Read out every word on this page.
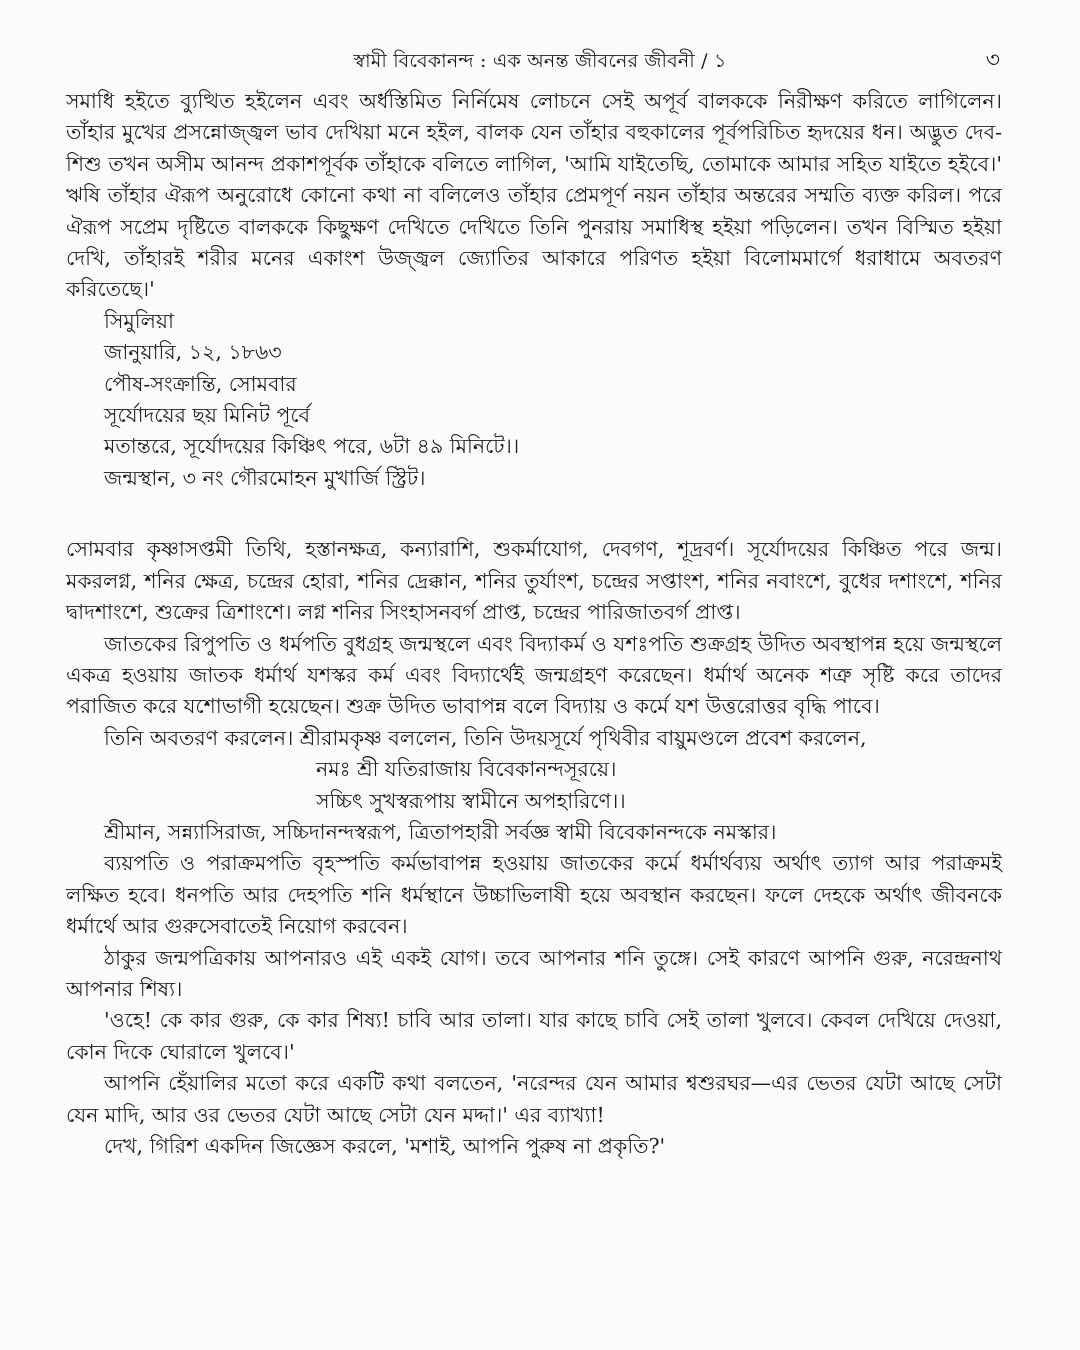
স্বামী বিবেকানন্দ : এক অনন্ত জীবনের জীবনী / ১	৩

সমাধি হইতে ব্যুত্থিত হইলেন এবং অর্ধস্তিমিত নির্নিমেষ লোচনে সেই অপূর্ব বালককে নিরীক্ষণ করিতে লাগিলেন। তাঁহার মুখের প্রসন্নোজ্জ্বল ভাব দেখিয়া মনে হইল, বালক যেন তাঁহার বহুকালের পূর্বপরিচিত হৃদয়ের ধন। অদ্ভুত দেব-শিশু তখন অসীম আনন্দ প্রকাশপূর্বক তাঁহাকে বলিতে লাগিল, 'আমি যাইতেছি, তোমাকে আমার সহিত যাইতে হইবে।' ঋষি তাঁহার ঐরূপ অনুরোধে কোনো কথা না বলিলেও তাঁহার প্রেমপূর্ণ নয়ন তাঁহার অন্তরের সম্মতি ব্যক্ত করিল। পরে ঐরূপ সপ্রেম দৃষ্টিতে বালককে কিছুক্ষণ দেখিতে দেখিতে তিনি পুনরায় সমাধিস্থ হইয়া পড়িলেন। তখন বিস্মিত হইয়া দেখি, তাঁহারই শরীর মনের একাংশ উজ্জ্বল জ্যোতির আকারে পরিণত হইয়া বিলোমমার্গে ধরাধামে অবতরণ করিতেছে।'

সিমুলিয়া

জানুয়ারি, ১২, ১৮৬৩

পৌষ-সংক্রান্তি, সোমবার

সূর্যোদয়ের ছয় মিনিট পূর্বে

মতান্তরে, সূর্যোদয়ের কিঞ্চিৎ পরে, ৬টা ৪৯ মিনিটে।।

জন্মস্থান, ৩ নং গৌরমোহন মুখার্জি স্ট্রিট।

সোমবার কৃষ্ণাসপ্তমী তিথি, হস্তানক্ষত্র, কন্যারাশি, শুকর্মাযোগ, দেবগণ, শূদ্রবর্ণ। সূর্যোদয়ের কিঞ্চিত পরে জন্ম। মকরলগ্ন, শনির ক্ষেত্র, চন্দ্রের হোরা, শনির দ্রেক্কান, শনির তুর্যাংশ, চন্দ্রের সপ্তাংশ, শনির নবাংশে, বুধের দশাংশে, শনির দ্বাদশাংশে, শুক্রের ত্রিশাংশে। লগ্ন শনির সিংহাসনবর্গ প্রাপ্ত, চন্দ্রের পারিজাতবর্গ প্রাপ্ত।

জাতকের রিপুপতি ও ধর্মপতি বুধগ্রহ জন্মস্থলে এবং বিদ্যাকর্ম ও যশঃপতি শুক্রগ্রহ উদিত অবস্থাপন্ন হয়ে জন্মস্থলে একত্র হওয়ায় জাতক ধর্মার্থ যশস্কর কর্ম এবং বিদ্যার্থেই জন্মগ্রহণ করেছেন। ধর্মার্থ অনেক শত্রু সৃষ্টি করে তাদের পরাজিত করে যশোভাগী হয়েছেন। শুক্র উদিত ভাবাপন্ন বলে বিদ্যায় ও কর্মে যশ উত্তরোত্তর বৃদ্ধি পাবে।

তিনি অবতরণ করলেন। শ্রীরামকৃষ্ণ বললেন, তিনি উদয়সূর্যে পৃথিবীর বায়ুমণ্ডলে প্রবেশ করলেন,

নমঃ শ্রী যতিরাজায় বিবেকানন্দসূরয়ে।

সচ্চিৎ সুখস্বরূপায় স্বামীনে অপহারিণে।।

শ্রীমান, সন্ন্যাসিরাজ, সচ্চিদানন্দস্বরূপ, ত্রিতাপহারী সর্বজ্ঞ স্বামী বিবেকানন্দকে নমস্কার।

ব্যয়পতি ও পরাক্রমপতি বৃহস্পতি কর্মভাবাপন্ন হওয়ায় জাতকের কর্মে ধর্মার্থব্যয় অর্থাৎ ত্যাগ আর পরাক্রমই লক্ষিত হবে। ধনপতি আর দেহপতি শনি ধর্মস্থানে উচ্চাভিলাষী হয়ে অবস্থান করছেন। ফলে দেহকে অর্থাৎ জীবনকে ধর্মার্থে আর গুরুসেবাতেই নিয়োগ করবেন।

ঠাকুর জন্মপত্রিকায় আপনারও এই একই যোগ। তবে আপনার শনি তুঙ্গে। সেই কারণে আপনি গুরু, নরেন্দ্রনাথ আপনার শিষ্য।

'ওহে! কে কার গুরু, কে কার শিষ্য! চাবি আর তালা। যার কাছে চাবি সেই তালা খুলবে। কেবল দেখিয়ে দেওয়া, কোন দিকে ঘোরালে খুলবে।'

আপনি হেঁয়ালির মতো করে একটি কথা বলতেন, 'নরেন্দর যেন আমার শ্বশুরঘর—এর ভেতর যেটা আছে সেটা যেন মাদি, আর ওর ভেতর যেটা আছে সেটা যেন মদ্দা।' এর ব্যাখ্যা!

দেখ, গিরিশ একদিন জিজ্ঞেস করলে, 'মশাই, আপনি পুরুষ না প্রকৃতি?'
